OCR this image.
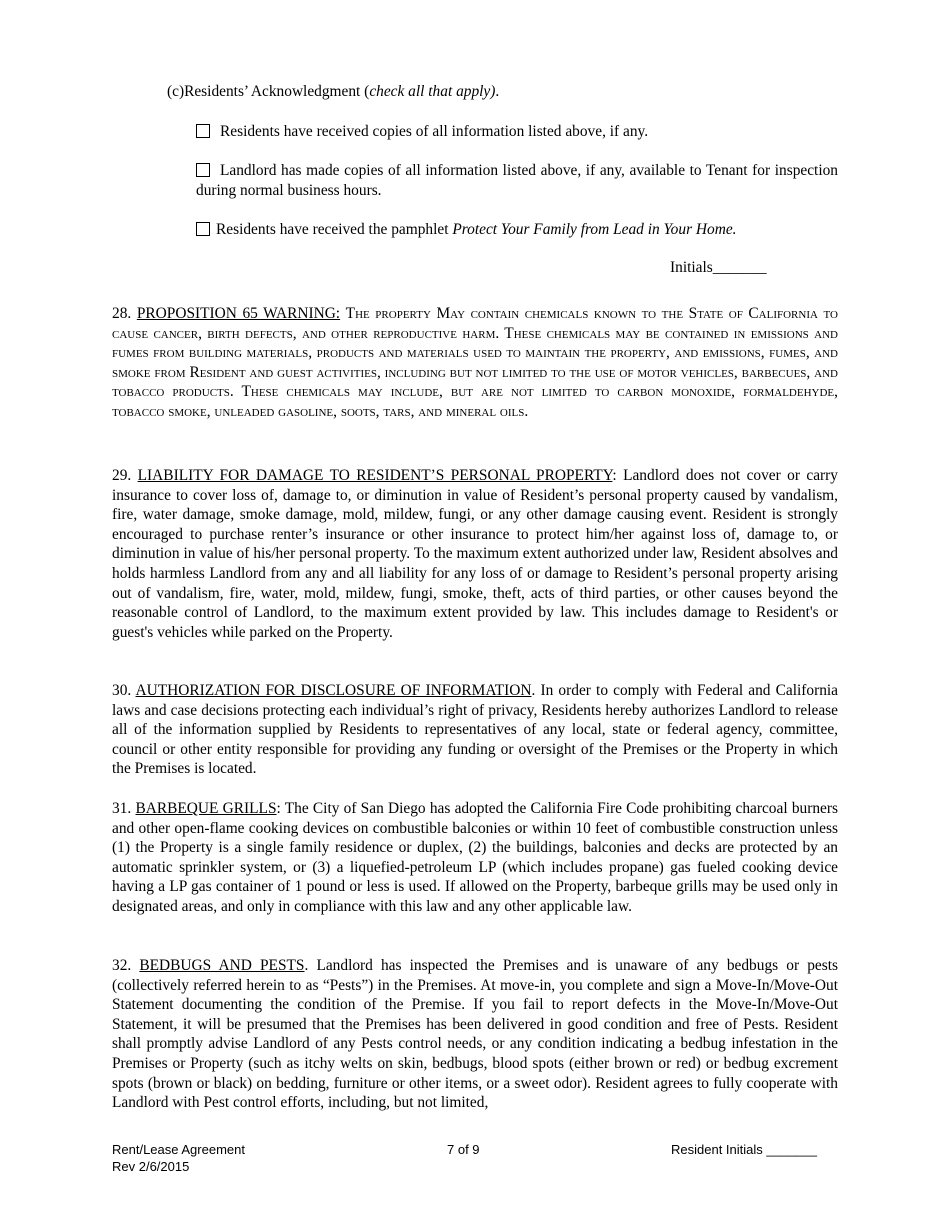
(c)Residents’ Acknowledgment (check all that apply).
Residents have received copies of all information listed above, if any.
Landlord has made copies of all information listed above, if any, available to Tenant for inspection during normal business hours.
Residents have received the pamphlet Protect Your Family from Lead in Your Home.
Initials_______

28. PROPOSITION 65 WARNING: The property May contain chemicals known to the State of California to cause cancer, birth defects, and other reproductive harm. These chemicals may be contained in emissions and fumes from building materials, products and materials used to maintain the property, and emissions, fumes, and smoke from Resident and guest activities, including but not limited to the use of motor vehicles, barbecues, and tobacco products. These chemicals may include, but are not limited to carbon monoxide, formaldehyde, tobacco smoke, unleaded gasoline, soots, tars, and mineral oils.

29. LIABILITY FOR DAMAGE TO RESIDENT’S PERSONAL PROPERTY: Landlord does not cover or carry insurance to cover loss of, damage to, or diminution in value of Resident’s personal property caused by vandalism, fire, water damage, smoke damage, mold, mildew, fungi, or any other damage causing event. Resident is strongly encouraged to purchase renter’s insurance or other insurance to protect him/her against loss of, damage to, or diminution in value of his/her personal property. To the maximum extent authorized under law, Resident absolves and holds harmless Landlord from any and all liability for any loss of or damage to Resident’s personal property arising out of vandalism, fire, water, mold, mildew, fungi, smoke, theft, acts of third parties, or other causes beyond the reasonable control of Landlord, to the maximum extent provided by law. This includes damage to Resident's or guest's vehicles while parked on the Property.

30. AUTHORIZATION FOR DISCLOSURE OF INFORMATION. In order to comply with Federal and California laws and case decisions protecting each individual’s right of privacy, Residents hereby authorizes Landlord to release all of the information supplied by Residents to representatives of any local, state or federal agency, committee, council or other entity responsible for providing any funding or oversight of the Premises or the Property in which the Premises is located.

31. BARBEQUE GRILLS: The City of San Diego has adopted the California Fire Code prohibiting charcoal burners and other open-flame cooking devices on combustible balconies or within 10 feet of combustible construction unless (1) the Property is a single family residence or duplex, (2) the buildings, balconies and decks are protected by an automatic sprinkler system, or (3) a liquefied-petroleum LP (which includes propane) gas fueled cooking device having a LP gas container of 1 pound or less is used. If allowed on the Property, barbeque grills may be used only in designated areas, and only in compliance with this law and any other applicable law.

32. BEDBUGS AND PESTS. Landlord has inspected the Premises and is unaware of any bedbugs or pests (collectively referred herein to as “Pests”) in the Premises. At move-in, you complete and sign a Move-In/Move-Out Statement documenting the condition of the Premise. If you fail to report defects in the Move-In/Move-Out Statement, it will be presumed that the Premises has been delivered in good condition and free of Pests. Resident shall promptly advise Landlord of any Pests control needs, or any condition indicating a bedbug infestation in the Premises or Property (such as itchy welts on skin, bedbugs, blood spots (either brown or red) or bedbug excrement spots (brown or black) on bedding, furniture or other items, or a sweet odor). Resident agrees to fully cooperate with Landlord with Pest control efforts, including, but not limited,

Rent/Lease Agreement
Rev 2/6/2015
7 of 9	Resident Initials _______
